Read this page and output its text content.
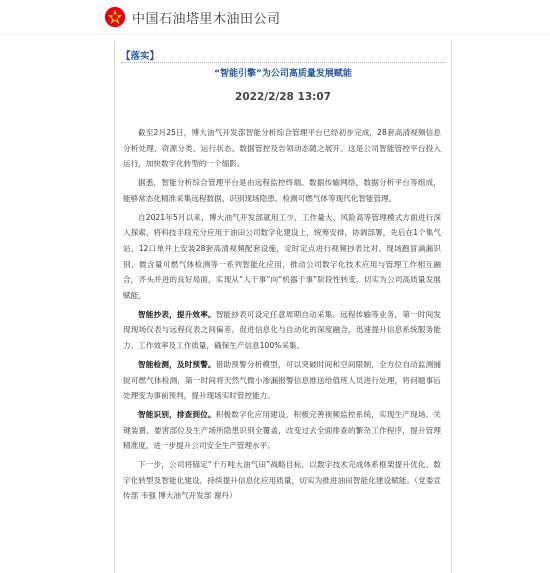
中国石油塔里木油田公司
【落实】
“智能引擎”为公司高质量发展赋能
2022/2/28 13:07

截至2月25日，博大油气开发部智能分析综合管理平台已经初步完成，28套高清视频信息分析处理、资源分类、运行状态、数据管控及告领动态随之展开。这是公司智能管控平台投入运行，加快数字化转型的一个缩影。

据悉，智能分析综合管理平台是由远程监控终端、数据传输网络、数据分析平台等组成，能够常态化精准采集远程数据、识别现场隐患、检测可燃气体等现代化智能管理。

自2021年5月以来，博大油气开发部就用工少、工作量大、风险高等管理模式方面进行深入探索，将科技手段充分应用于油田公司数字化建设上，统筹安排，协调部署，先后在1个集气站、12口单井上安装28套高清视频配套设施，定时定点进行视频抄表比对、现场跑冒滴漏识别、微含量可燃气体检测等一系列智能化应用，推动公司数字化技术应用与管理工作相互融合，齐头并进的良好局面，实现从“人干事”向“机器干事”阶段性转变，切实为公司高质量发展赋能。

智能抄表，提升效率。智能抄表可设定任意周期自动采集、远程传输等业务，第一时间发现现场仪表与远程仪表之间偏差，促进信息化与自动化的深度融合，迅速提升信息系统服务能力、工作效率及工作质量，确保生产信息100%采集。

智能检测，及时预警。借助预警分析模型，可以突破时间和空间限制，全方位自动监测捕捉可燃气体检测，第一时间将天然气微小渗漏报警信息推送给值班人员进行处理，将问题事后处理变为事前预判，提升现场实时管控能力。

智能识别，排查到位。积极数字化应用建设，积极完善视频监控系统，实现生产现场、关键装置、要害部位及生产场所隐患识别全覆盖，改变过去全面排查的繁杂工作程序，提升管理精准度，进一步提升公司安全生产管理水平。

下一步，公司将锚定“千万吨大油气田”战略目标，以数字技术完成体系框架提升优化、数字化转型及智能化建设，持续提升信息化应用质量，切实为推进油田智能化建设赋能。（党委宣传部 韦强 博大油气开发部 谢丹）
